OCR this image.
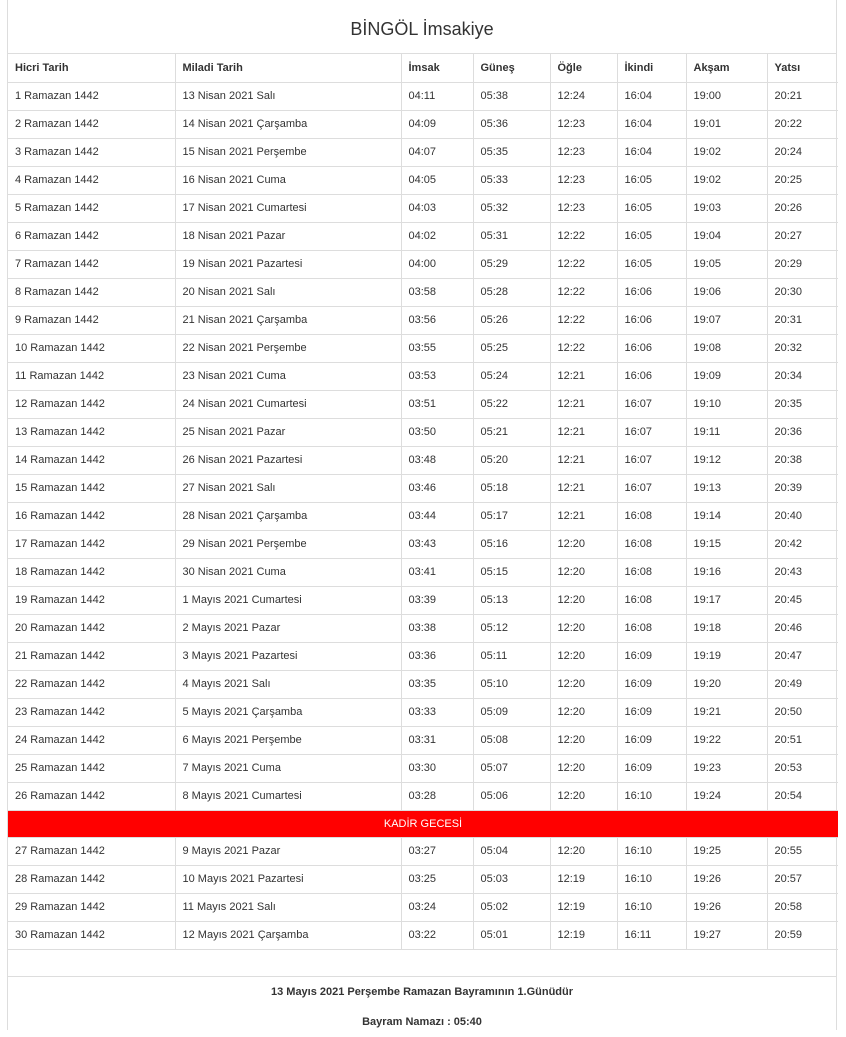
BİNGÖL İmsakiye
Hicri Tarih	Miladi Tarih	İmsak	Güneş	Öğle	İkindi	Akşam	Yatsı
1 Ramazan 1442	13 Nisan 2021 Salı	04:11	05:38	12:24	16:04	19:00	20:21
2 Ramazan 1442	14 Nisan 2021 Çarşamba	04:09	05:36	12:23	16:04	19:01	20:22
3 Ramazan 1442	15 Nisan 2021 Perşembe	04:07	05:35	12:23	16:04	19:02	20:24
4 Ramazan 1442	16 Nisan 2021 Cuma	04:05	05:33	12:23	16:05	19:02	20:25
5 Ramazan 1442	17 Nisan 2021 Cumartesi	04:03	05:32	12:23	16:05	19:03	20:26
6 Ramazan 1442	18 Nisan 2021 Pazar	04:02	05:31	12:22	16:05	19:04	20:27
7 Ramazan 1442	19 Nisan 2021 Pazartesi	04:00	05:29	12:22	16:05	19:05	20:29
8 Ramazan 1442	20 Nisan 2021 Salı	03:58	05:28	12:22	16:06	19:06	20:30
9 Ramazan 1442	21 Nisan 2021 Çarşamba	03:56	05:26	12:22	16:06	19:07	20:31
10 Ramazan 1442	22 Nisan 2021 Perşembe	03:55	05:25	12:22	16:06	19:08	20:32
11 Ramazan 1442	23 Nisan 2021 Cuma	03:53	05:24	12:21	16:06	19:09	20:34
12 Ramazan 1442	24 Nisan 2021 Cumartesi	03:51	05:22	12:21	16:07	19:10	20:35
13 Ramazan 1442	25 Nisan 2021 Pazar	03:50	05:21	12:21	16:07	19:11	20:36
14 Ramazan 1442	26 Nisan 2021 Pazartesi	03:48	05:20	12:21	16:07	19:12	20:38
15 Ramazan 1442	27 Nisan 2021 Salı	03:46	05:18	12:21	16:07	19:13	20:39
16 Ramazan 1442	28 Nisan 2021 Çarşamba	03:44	05:17	12:21	16:08	19:14	20:40
17 Ramazan 1442	29 Nisan 2021 Perşembe	03:43	05:16	12:20	16:08	19:15	20:42
18 Ramazan 1442	30 Nisan 2021 Cuma	03:41	05:15	12:20	16:08	19:16	20:43
19 Ramazan 1442	1 Mayıs 2021 Cumartesi	03:39	05:13	12:20	16:08	19:17	20:45
20 Ramazan 1442	2 Mayıs 2021 Pazar	03:38	05:12	12:20	16:08	19:18	20:46
21 Ramazan 1442	3 Mayıs 2021 Pazartesi	03:36	05:11	12:20	16:09	19:19	20:47
22 Ramazan 1442	4 Mayıs 2021 Salı	03:35	05:10	12:20	16:09	19:20	20:49
23 Ramazan 1442	5 Mayıs 2021 Çarşamba	03:33	05:09	12:20	16:09	19:21	20:50
24 Ramazan 1442	6 Mayıs 2021 Perşembe	03:31	05:08	12:20	16:09	19:22	20:51
25 Ramazan 1442	7 Mayıs 2021 Cuma	03:30	05:07	12:20	16:09	19:23	20:53
26 Ramazan 1442	8 Mayıs 2021 Cumartesi	03:28	05:06	12:20	16:10	19:24	20:54
KADİR GECESİ							
27 Ramazan 1442	9 Mayıs 2021 Pazar	03:27	05:04	12:20	16:10	19:25	20:55
28 Ramazan 1442	10 Mayıs 2021 Pazartesi	03:25	05:03	12:19	16:10	19:26	20:57
29 Ramazan 1442	11 Mayıs 2021 Salı	03:24	05:02	12:19	16:10	19:26	20:58
30 Ramazan 1442	12 Mayıs 2021 Çarşamba	03:22	05:01	12:19	16:11	19:27	20:59
13 Mayıs 2021 Perşembe Ramazan Bayramının 1.Günüdür
Bayram Namazı : 05:40
